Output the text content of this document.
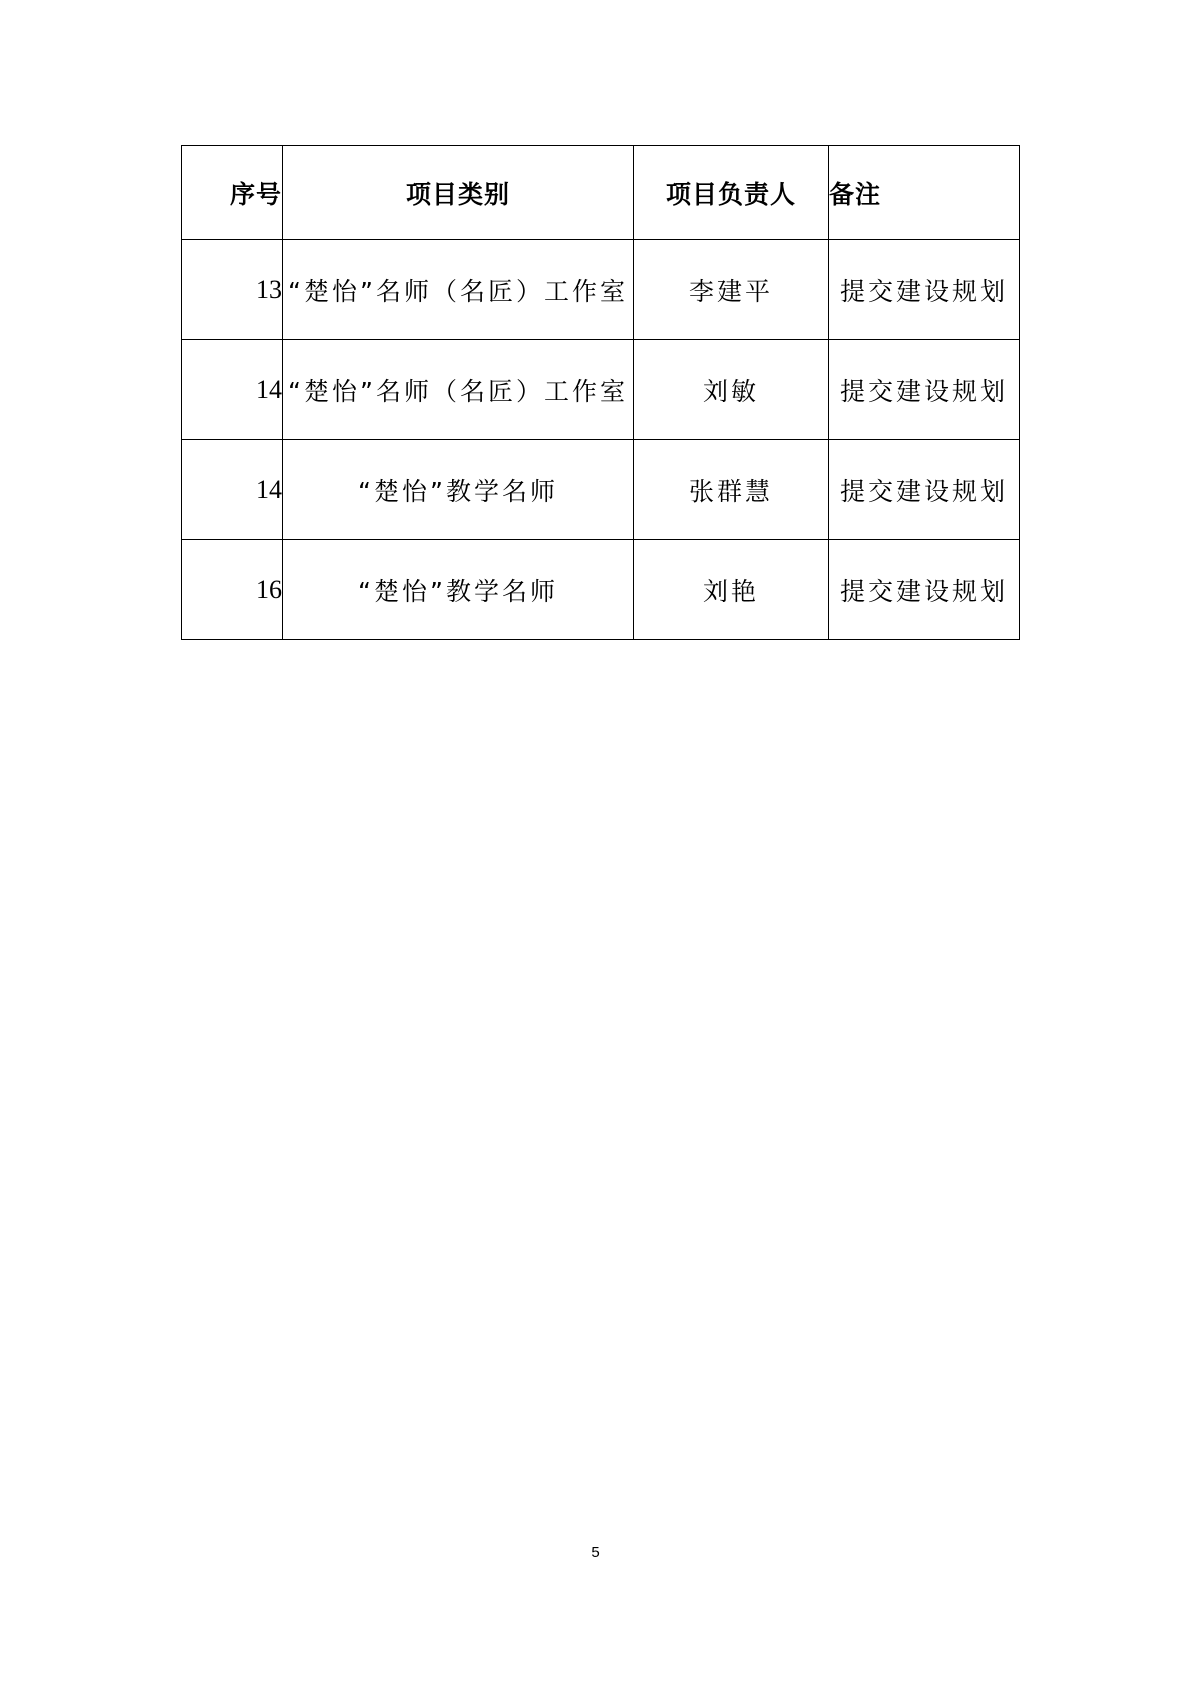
序号	项目类别	项目负责人	备注
13	“楚怡”名师（名匠）工作室	李建平	提交建设规划
14	“楚怡”名师（名匠）工作室	刘敏	提交建设规划
14	“楚怡”教学名师	张群慧	提交建设规划
16	“楚怡”教学名师	刘艳	提交建设规划
5
